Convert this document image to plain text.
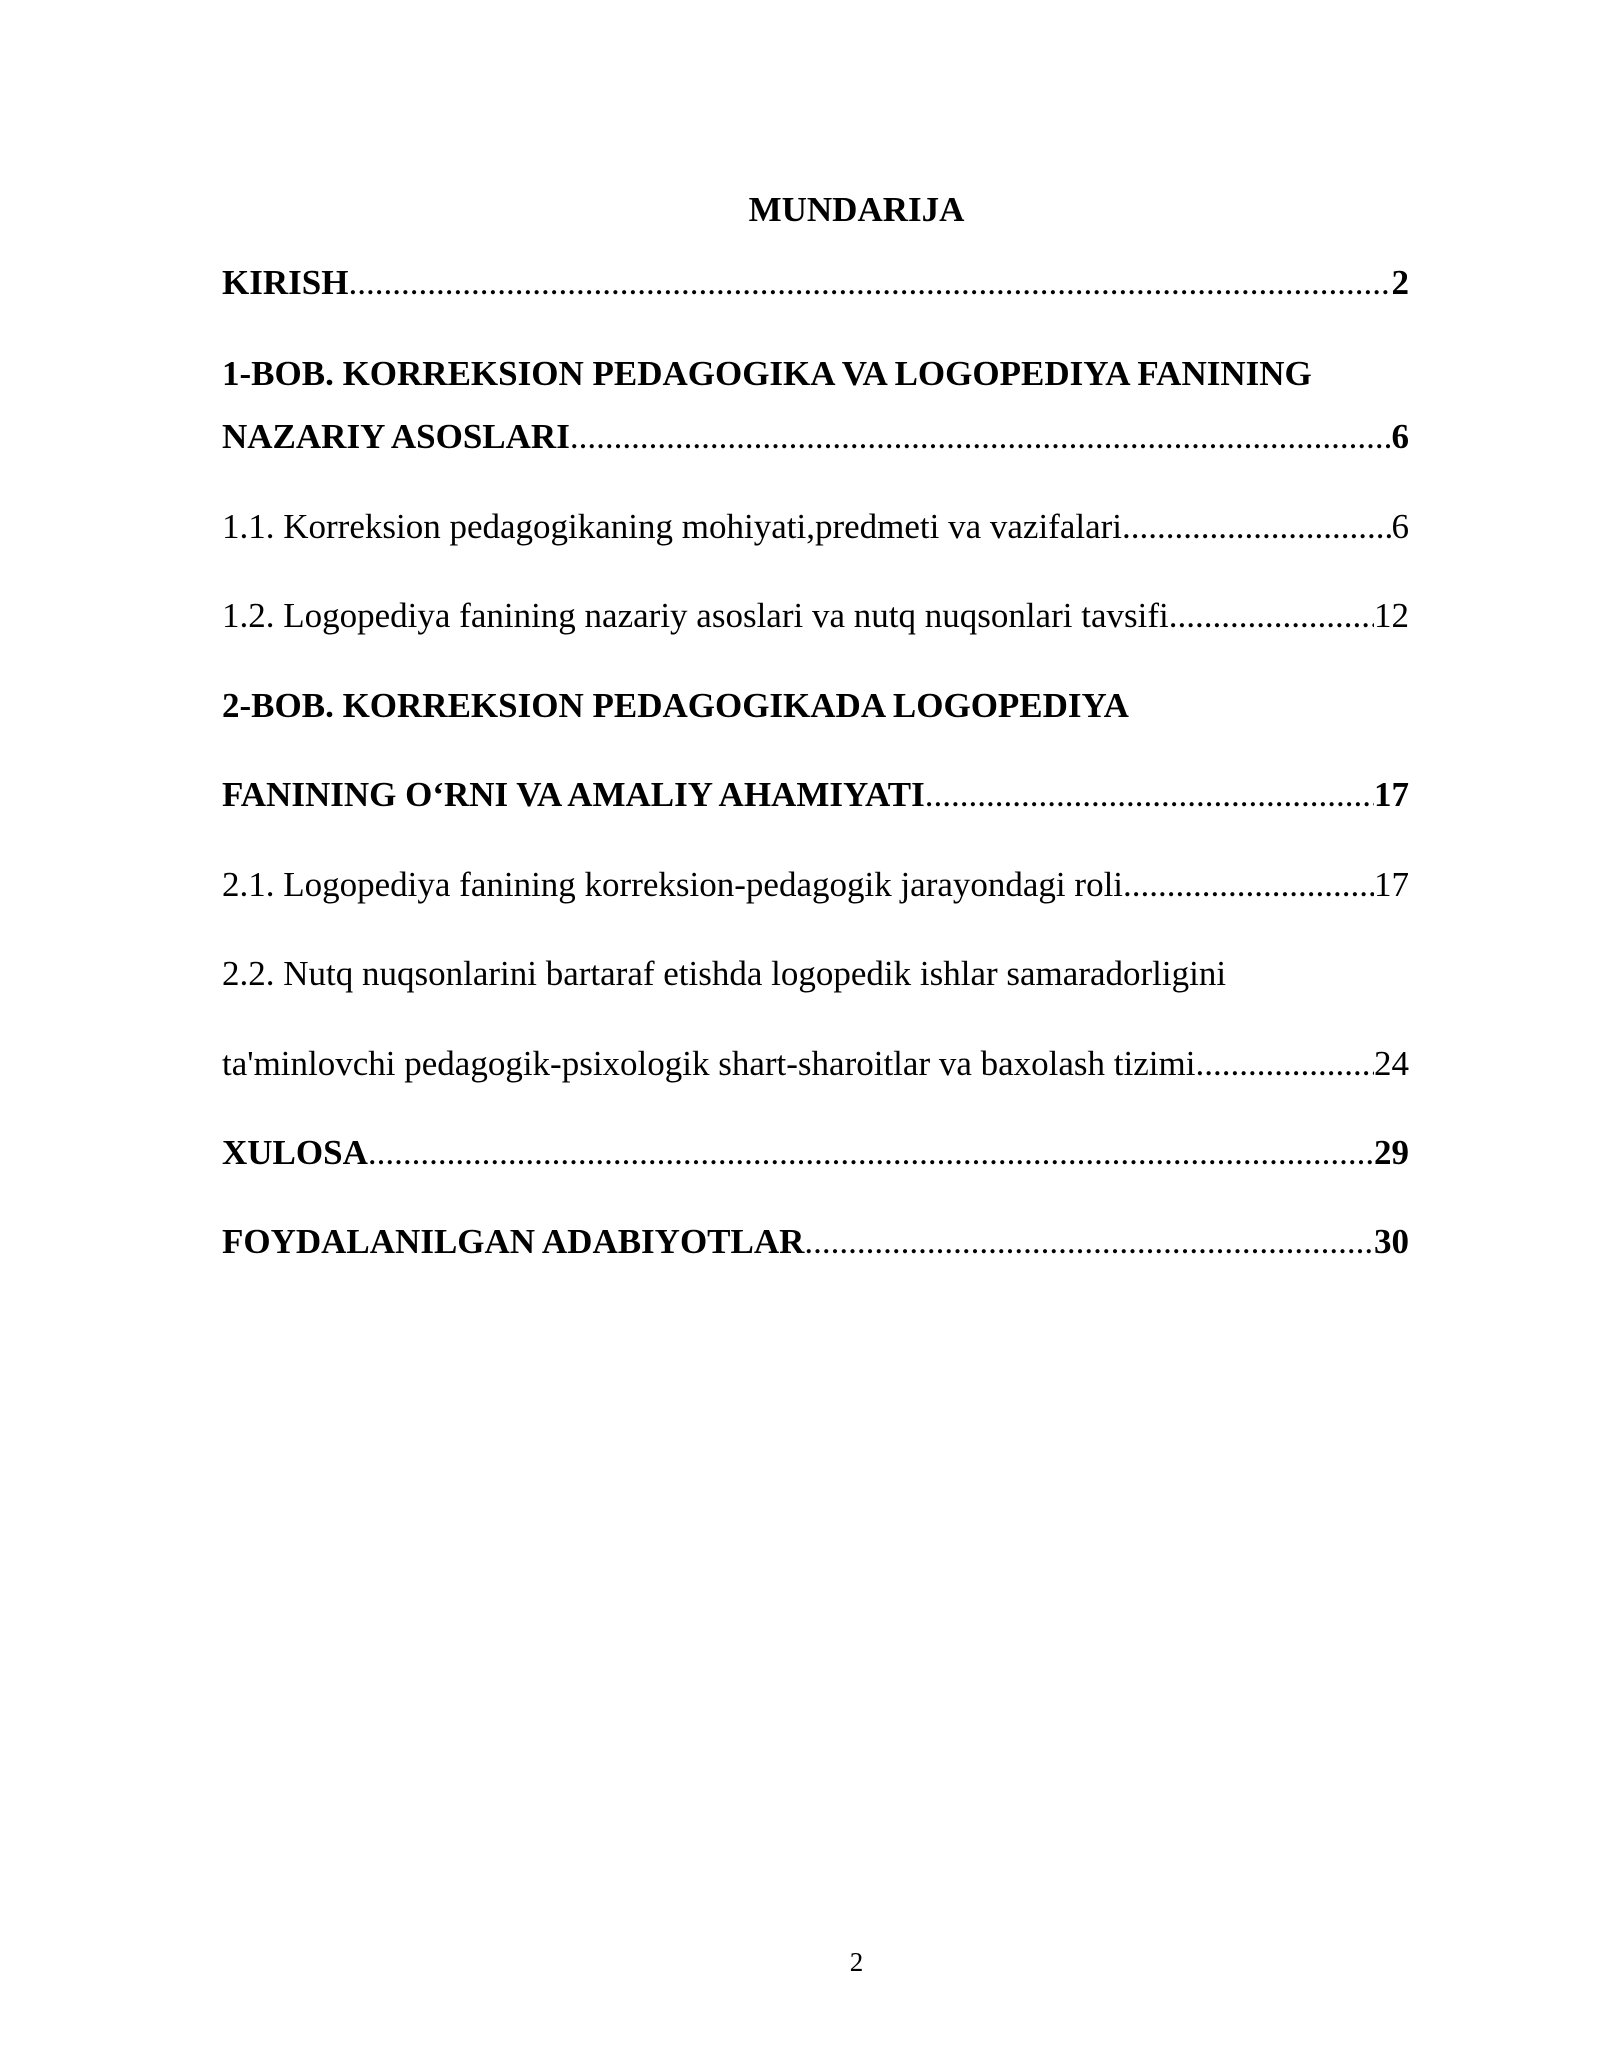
MUNDARIJA
KIRISH .....	2
1-BOB. KORREKSION PEDAGOGIKA VA LOGOPEDIYA FANINING
NAZARIY ASOSLARI .....	6
1.1. Korreksion pedagogikaning mohiyati,predmeti va vazifalari .....	6
1.2. Logopediya fanining nazariy asoslari va nutq nuqsonlari tavsifi .....	12
2-BOB. KORREKSION PEDAGOGIKADA LOGOPEDIYA
FANINING O‘RNI VA AMALIY AHAMIYATI .....	17
2.1. Logopediya fanining korreksion-pedagogik jarayondagi roli .....	17
2.2. Nutq nuqsonlarini bartaraf etishda logopedik ishlar samaradorligini
ta'minlovchi pedagogik-psixologik shart-sharoitlar va baxolash tizimi .....	24
XULOSA .....	29
FOYDALANILGAN ADABIYOTLAR .....	30
2
